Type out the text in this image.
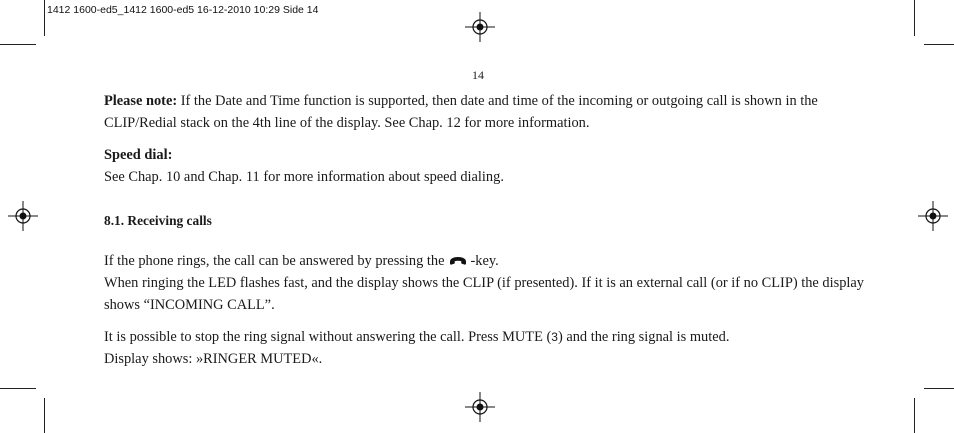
1412 1600-ed5_1412 1600-ed5 16-12-2010 10:29 Side 14
14

Please note: If the Date and Time function is supported, then date and time of the incoming or outgoing call is shown in the CLIP/Redial stack on the 4th line of the display. See Chap. 12 for more information.

Speed dial:

See Chap. 10 and Chap. 11 for more information about speed dialing.

8.1. Receiving calls

If the phone rings, the call can be answered by pressing the -key.
When ringing the LED flashes fast, and the display shows the CLIP (if presented). If it is an external call (or if no CLIP) the display shows “INCOMING CALL”.

It is possible to stop the ring signal without answering the call. Press MUTE (3) and the ring signal is muted.
Display shows: »RINGER MUTED«.
